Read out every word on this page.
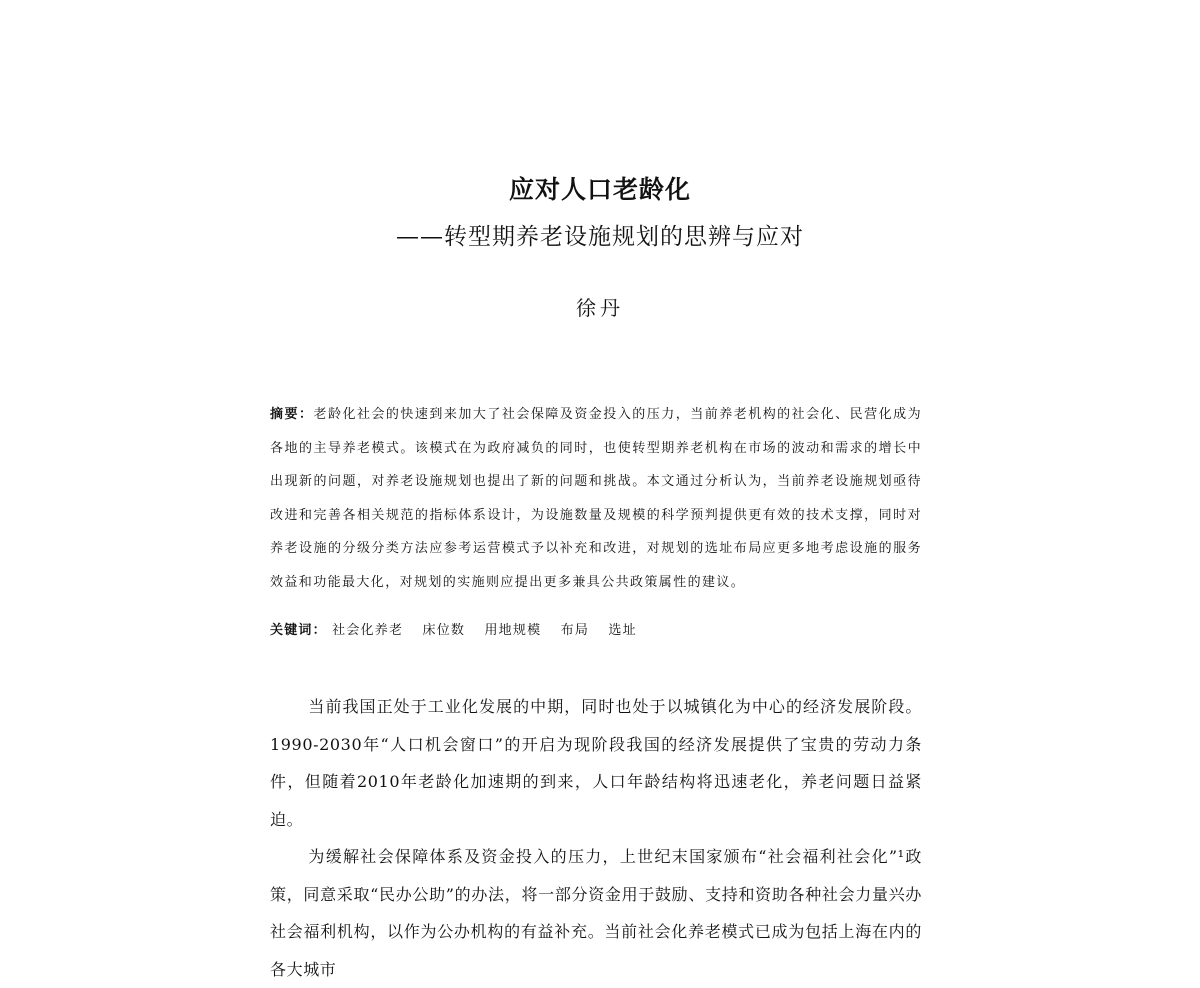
应对人口老龄化
——转型期养老设施规划的思辨与应对
徐丹
摘要：老龄化社会的快速到来加大了社会保障及资金投入的压力，当前养老机构的社会化、民营化成为各地的主导养老模式。该模式在为政府减负的同时，也使转型期养老机构在市场的波动和需求的增长中出现新的问题，对养老设施规划也提出了新的问题和挑战。本文通过分析认为，当前养老设施规划亟待改进和完善各相关规范的指标体系设计，为设施数量及规模的科学预判提供更有效的技术支撑，同时对养老设施的分级分类方法应参考运营模式予以补充和改进，对规划的选址布局应更多地考虑设施的服务效益和功能最大化，对规划的实施则应提出更多兼具公共政策属性的建议。
关键词： 社会化养老 床位数 用地规模 布局 选址

当前我国正处于工业化发展的中期，同时也处于以城镇化为中心的经济发展阶段。1990-2030年“人口机会窗口”的开启为现阶段我国的经济发展提供了宝贵的劳动力条件，但随着2010年老龄化加速期的到来，人口年龄结构将迅速老化，养老问题日益紧迫。

为缓解社会保障体系及资金投入的压力，上世纪末国家颁布“社会福利社会化”¹政策，同意采取“民办公助”的办法，将一部分资金用于鼓励、支持和资助各种社会力量兴办社会福利机构，以作为公办机构的有益补充。当前社会化养老模式已成为包括上海在内的各大城市
